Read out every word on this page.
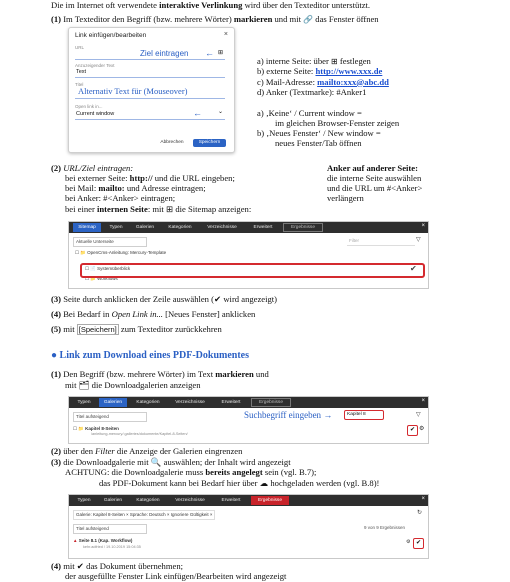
Die im Internet oft verwendete interaktive Verlinkung wird über den Texteditor unterstützt.
(1) Im Texteditor den Begriff (bzw. mehrere Wörter) markieren und mit 🔗 das Fenster öffnen
Link einfügen/bearbeiten	×
URL
Ziel eintragen ← ⊞
Anzuzeigender Text
Text
Titel
Alternativ Text für (Mouseover)
Open link in...
Current window	←	⌄
Abbrechen	Speichern
a) interne Seite: über ⊞ festlegen
b) externe Seite: http://www.xxx.de
c) Mail-Adresse: mailto:xxx@abc.dd
d) Anker (Textmarke): #Anker1
a) ‚Keine‘ / Current window =
im gleichen Browser-Fenster zeigen
b) ‚Neues Fenster‘ / New window =
neues Fenster/Tab öffnen
(2) URL/Ziel eintragen:
bei externer Seite: http:// und die URL eingeben;
bei Mail: mailto: und Adresse eintragen;
bei Anker: #<Anker> eintragen;
bei einer internen Seite: mit ⊞ die Sitemap anzeigen:
Anker auf anderer Seite:
die interne Seite auswählen
und die URL um #<Anker>
verlängern
Sitemap	Typen	Galerien	Kategorien	Verzeichnisse	Erweitert	Ergebnisse	×
Aktuelle Unterseite	Filter	▽
☐ 📁 OpenCms-Anleitung: Mercury-Template
☐ 📄 Systemüberblick
☐ 📁 Workflows
✔
(3) Seite durch anklicken der Zeile auswählen (✔ wird angezeigt)
(4) Bei Bedarf in Open Link in... [Neues Fenster] anklicken
(5) mit [Speichern] zum Texteditor zurückkehren
● Link zum Download eines PDF-Dokumentes
(1) Den Begriff (bzw. mehrere Wörter) im Text markieren und
mit 🗂 die Downloadgalerien anzeigen
Typen	Galerien	Kategorien	Verzeichnisse	Erweitert	Ergebnisse	×
Titel aufsteigend	Suchbegriff eingeben →	Kapitel 8	▽
☐ 📁 Kapitel 8-Seiten
/anleitung-mercury/.galleries/dokumente/Kapitel-8-Seiten/
✔ ⚙
(2) über den Filter die Anzeige der Galerien eingrenzen
(3) die Downloadgalerie mit 🔍 auswählen; der Inhalt wird angezeigt
ACHTUNG: die Downloadgalerie muss bereits angelegt sein (vgl. B.7);
das PDF-Dokument kann bei Bedarf hier über ☁ hochgeladen werden (vgl. B.8)!
Typen	Galerien	Kategorien	Verzeichnisse	Erweitert	Ergebnisse	×
Galerie: Kapitel 8-Seiten × Sprache: Deutsch × Ignoriere Gültigkeit ×	↻
Titel aufsteigend	9 von 9 Ergebnissen
▲ Seite 8.1 (Kap. Workflow)
kehr.adfried / 19.10.2019 15:04:35
✔
⚙
(4) mit ✔ das Dokument übernehmen;
der ausgefüllte Fenster Link einfügen/Bearbeiten wird angezeigt
